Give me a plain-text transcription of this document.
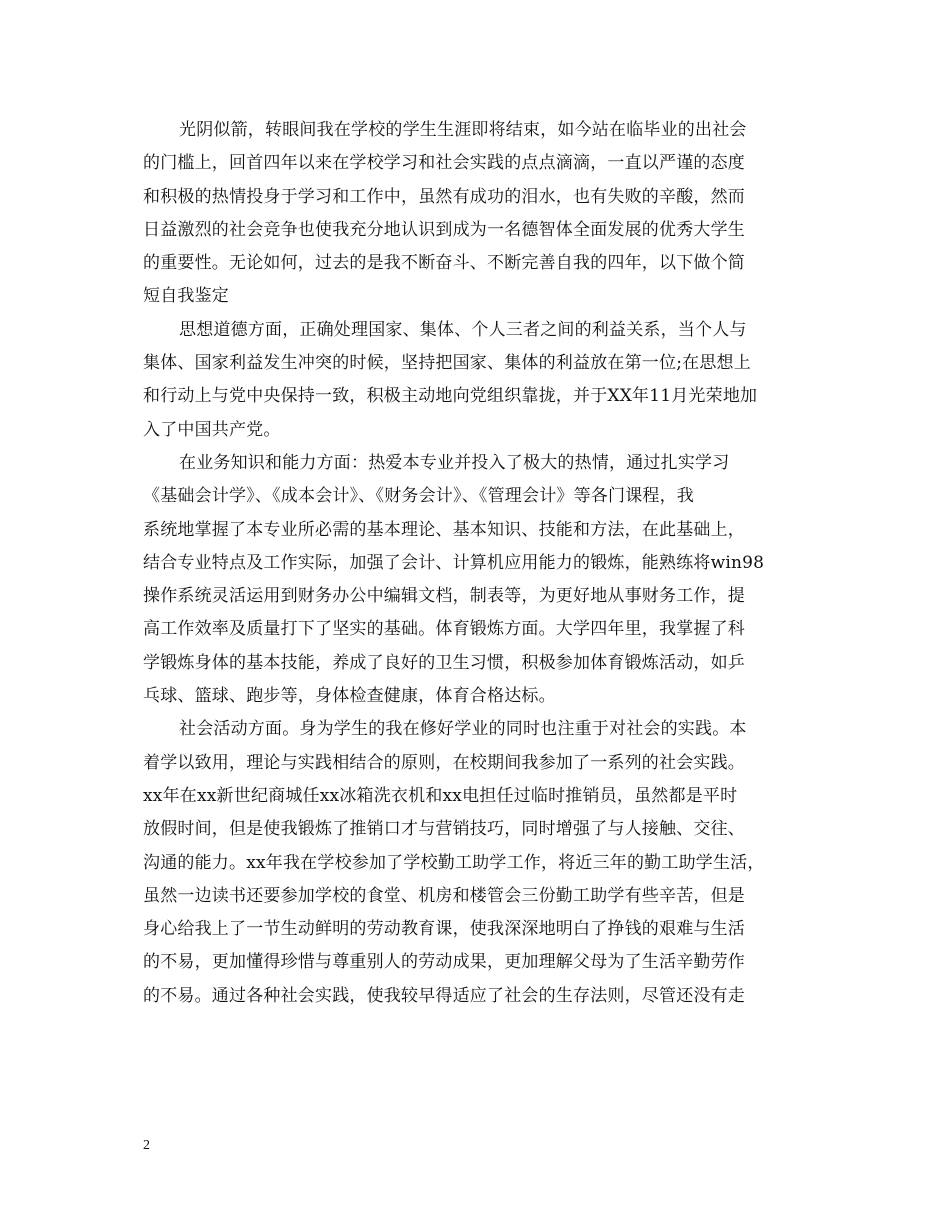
光阴似箭，转眼间我在学校的学生生涯即将结束，如今站在临毕业的出社会
的门槛上，回首四年以来在学校学习和社会实践的点点滴滴，一直以严谨的态度
和积极的热情投身于学习和工作中，虽然有成功的泪水，也有失败的辛酸，然而
日益激烈的社会竞争也使我充分地认识到成为一名德智体全面发展的优秀大学生
的重要性。无论如何，过去的是我不断奋斗、不断完善自我的四年，以下做个简
短自我鉴定
思想道德方面，正确处理国家、集体、个人三者之间的利益关系，当个人与
集体、国家利益发生冲突的时候，坚持把国家、集体的利益放在第一位;在思想上
和行动上与党中央保持一致，积极主动地向党组织靠拢，并于XX年11月光荣地加
入了中国共产党。
在业务知识和能力方面：热爱本专业并投入了极大的热情，通过扎实学习
《基础会计学》、《成本会计》、《财务会计》、《管理会计》等各门课程，我
系统地掌握了本专业所必需的基本理论、基本知识、技能和方法，在此基础上，
结合专业特点及工作实际，加强了会计、计算机应用能力的锻炼，能熟练将win98
操作系统灵活运用到财务办公中编辑文档，制表等，为更好地从事财务工作，提
高工作效率及质量打下了坚实的基础。体育锻炼方面。大学四年里，我掌握了科
学锻炼身体的基本技能，养成了良好的卫生习惯，积极参加体育锻炼活动，如乒
乓球、篮球、跑步等，身体检查健康，体育合格达标。
社会活动方面。身为学生的我在修好学业的同时也注重于对社会的实践。本
着学以致用，理论与实践相结合的原则，在校期间我参加了一系列的社会实践。
xx年在xx新世纪商城任xx冰箱洗衣机和xx电担任过临时推销员，虽然都是平时
放假时间，但是使我锻炼了推销口才与营销技巧，同时增强了与人接触、交往、
沟通的能力。xx年我在学校参加了学校勤工助学工作，将近三年的勤工助学生活，
虽然一边读书还要参加学校的食堂、机房和楼管会三份勤工助学有些辛苦，但是
身心给我上了一节生动鲜明的劳动教育课，使我深深地明白了挣钱的艰难与生活
的不易，更加懂得珍惜与尊重别人的劳动成果，更加理解父母为了生活辛勤劳作
的不易。通过各种社会实践，使我较早得适应了社会的生存法则，尽管还没有走
2
